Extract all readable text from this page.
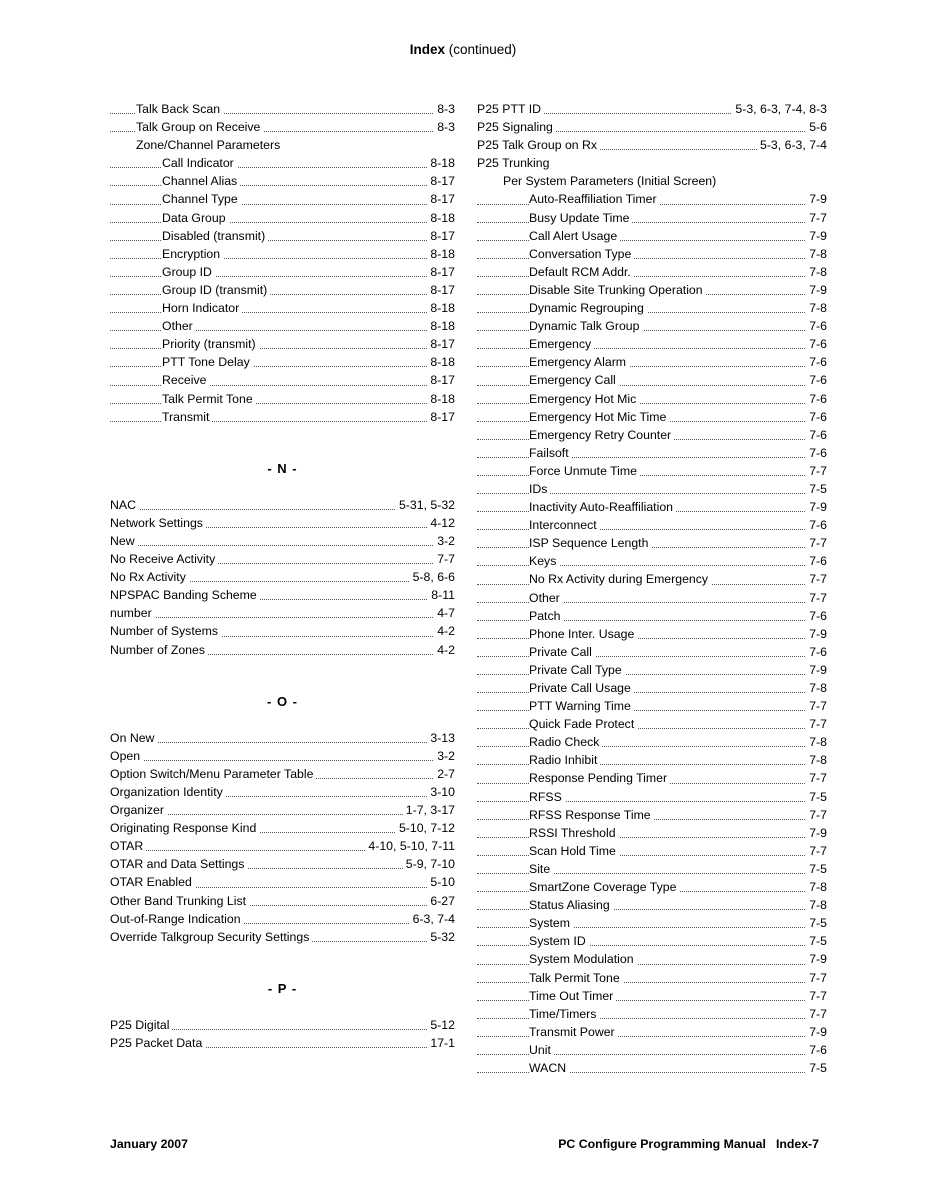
Index (continued)
Talk Back Scan	8-3
Talk Group on Receive	8-3
Zone/Channel Parameters
Call Indicator	8-18
Channel Alias	8-17
Channel Type	8-17
Data Group	8-18
Disabled (transmit)	8-17
Encryption	8-18
Group ID	8-17
Group ID (transmit)	8-17
Horn Indicator	8-18
Other	8-18
Priority (transmit)	8-17
PTT Tone Delay	8-18
Receive	8-17
Talk Permit Tone	8-18
Transmit	8-17
- N -
NAC	5-31, 5-32
Network Settings	4-12
New	3-2
No Receive Activity	7-7
No Rx Activity	5-8, 6-6
NPSPAC Banding Scheme	8-11
number	4-7
Number of Systems	4-2
Number of Zones	4-2
- O -
On New	3-13
Open	3-2
Option Switch/Menu Parameter Table	2-7
Organization Identity	3-10
Organizer	1-7, 3-17
Originating Response Kind	5-10, 7-12
OTAR	4-10, 5-10, 7-11
OTAR and Data Settings	5-9, 7-10
OTAR Enabled	5-10
Other Band Trunking List	6-27
Out-of-Range Indication	6-3, 7-4
Override Talkgroup Security Settings	5-32
- P -
P25 Digital	5-12
P25 Packet Data	17-1
P25 PTT ID	5-3, 6-3, 7-4, 8-3
P25 Signaling	5-6
P25 Talk Group on Rx	5-3, 6-3, 7-4
P25 Trunking
Per System Parameters (Initial Screen)
Auto-Reaffiliation Timer	7-9
Busy Update Time	7-7
Call Alert Usage	7-9
Conversation Type	7-8
Default RCM Addr.	7-8
Disable Site Trunking Operation	7-9
Dynamic Regrouping	7-8
Dynamic Talk Group	7-6
Emergency	7-6
Emergency Alarm	7-6
Emergency Call	7-6
Emergency Hot Mic	7-6
Emergency Hot Mic Time	7-6
Emergency Retry Counter	7-6
Failsoft	7-6
Force Unmute Time	7-7
IDs	7-5
Inactivity Auto-Reaffiliation	7-9
Interconnect	7-6
ISP Sequence Length	7-7
Keys	7-6
No Rx Activity during Emergency	7-7
Other	7-7
Patch	7-6
Phone Inter. Usage	7-9
Private Call	7-6
Private Call Type	7-9
Private Call Usage	7-8
PTT Warning Time	7-7
Quick Fade Protect	7-7
Radio Check	7-8
Radio Inhibit	7-8
Response Pending Timer	7-7
RFSS	7-5
RFSS Response Time	7-7
RSSI Threshold	7-9
Scan Hold Time	7-7
Site	7-5
SmartZone Coverage Type	7-8
Status Aliasing	7-8
System	7-5
System ID	7-5
System Modulation	7-9
Talk Permit Tone	7-7
Time Out Timer	7-7
Time/Timers	7-7
Transmit Power	7-9
Unit	7-6
WACN	7-5
January 2007	PC Configure Programming Manual Index-7
